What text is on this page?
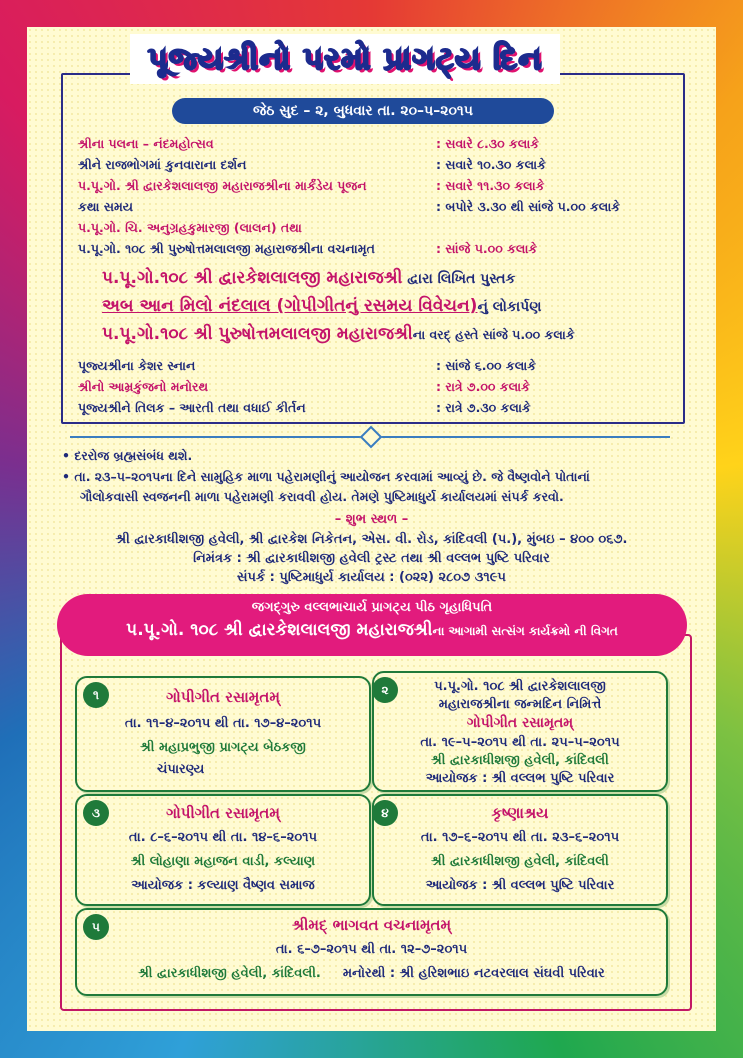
પૂજ્યશ્રીનો પરમો પ્રાગટ્ય દિન
જેઠ સુદ – ૨, બુધવાર તા. ૨૦–૫–૨૦૧૫
શ્રીના પલના – નંદમહોત્સવ	: સવારે ૮.૩૦ કલાકે
શ્રીને રાજભોગમાં કુનવારાના દર્શન	: સવારે ૧૦.૩૦ કલાકે
પ.પૂ.ગો. શ્રી દ્વારકેશલાલજી મહારાજશ્રીના માર્કંડેય પૂજન	: સવારે ૧૧.૩૦ કલાકે
કથા સમય	: બપોરે ૩.૩૦ થી સાંજે ૫.૦૦ કલાકે
પ.પૂ.ગો. ચિ. અનુગ્રહકુમારજી (લાલન) તથા
પ.પૂ.ગો. ૧૦૮ શ્રી પુરુષોત્તમલાલજી મહારાજશ્રીના વચનામૃત	: સાંજે ૫.૦૦ કલાકે
પ.પૂ.ગો.૧૦૮ શ્રી દ્વારકેશલાલજી મહારાજશ્રી દ્વારા લિખિત પુસ્તક
અબ આન મિલો નંદલાલ (ગોપીગીતનું રસમય વિવેચન)નું લોકાર્પણ
પ.પૂ.ગો.૧૦૮ શ્રી પુરુષોત્તમલાલજી મહારાજશ્રીના વરદ્ હસ્તે સાંજે ૫.૦૦ કલાકે
પૂજ્યશ્રીના કેશર સ્નાન	: સાંજે ૬.૦૦ કલાકે
શ્રીનો આમ્રકુંજનો મનોરથ	: રાત્રે ૭.૦૦ કલાકે
પૂજ્યશ્રીને તિલક – આરતી તથા વધાઈ કીર્તન	: રાત્રે ૭.૩૦ કલાકે
• દરરોજ બ્રહ્મસંબંધ થશે.
• તા. ૨૩–૫–૨૦૧૫ના દિને સામુહિક માળા પહેરામણીનું આયોજન કરવામાં આવ્યું છે. જે વૈષ્ણવોને પોતાનાં
ગૌલોકવાસી સ્વજનની માળા પહેરામણી કરાવવી હોય. તેમણે પુષ્ટિમાધુર્ય કાર્યાલયમાં સંપર્ક કરવો.
– શુભ સ્થળ –
શ્રી દ્વારકાધીશજી હવેલી, શ્રી દ્વારકેશ નિકેતન, એસ. વી. રોડ, કાંદિવલી (પ.), મુંબઇ – ૪૦૦ ૦૬૭.
નિમંત્રક : શ્રી દ્વારકાધીશજી હવેલી ટ્રસ્ટ તથા શ્રી વલ્લભ પુષ્ટિ પરિવાર
સંપર્ક : પુષ્ટિમાધુર્ય કાર્યાલય : (૦૨૨) ૨૮૦૭ ૩૧૯૫
જગદ્ગુરુ વલ્લભાચાર્ય પ્રાગટ્ય પીઠ ગૃહાધિપતિ
પ.પૂ.ગો. ૧૦૮ શ્રી દ્વારકેશલાલજી મહારાજશ્રીના આગામી સત્સંગ કાર્યક્રમો ની વિગત
૧	ગોપીગીત રસામૃતમ્
તા. ૧૧–૪–૨૦૧૫ થી તા. ૧૭–૪–૨૦૧૫
શ્રી મહાપ્રભુજી પ્રાગટ્ય બેઠકજી
ચંપારણ્ય
૨	પ.પૂ.ગો. ૧૦૮ શ્રી દ્વારકેશલાલજી
મહારાજશ્રીના જન્મદિન નિમિત્તે
ગોપીગીત રસામૃતમ્
તા. ૧૯–૫–૨૦૧૫ થી તા. ૨૫–૫–૨૦૧૫
શ્રી દ્વારકાધીશજી હવેલી, કાંદિવલી
આયોજક : શ્રી વલ્લભ પુષ્ટિ પરિવાર
૩	ગોપીગીત રસામૃતમ્
તા. ૮–૬–૨૦૧૫ થી તા. ૧૪–૬–૨૦૧૫
શ્રી લોહાણા મહાજન વાડી, કલ્યાણ
આયોજક : કલ્યાણ વૈષ્ણવ સમાજ
૪	કૃષ્ણાશ્રય
તા. ૧૭–૬–૨૦૧૫ થી તા. ૨૩–૬–૨૦૧૫
શ્રી દ્વારકાધીશજી હવેલી, કાંદિવલી
આયોજક : શ્રી વલ્લભ પુષ્ટિ પરિવાર
૫	શ્રીમદ્ ભાગવત વચનામૃતમ્
તા. ૬–૭–૨૦૧૫ થી તા. ૧૨–૭–૨૦૧૫
શ્રી દ્વારકાધીશજી હવેલી, કાંદિવલી. મનોરથી : શ્રી હરિશભાઇ નટવરલાલ સંઘવી પરિવાર
